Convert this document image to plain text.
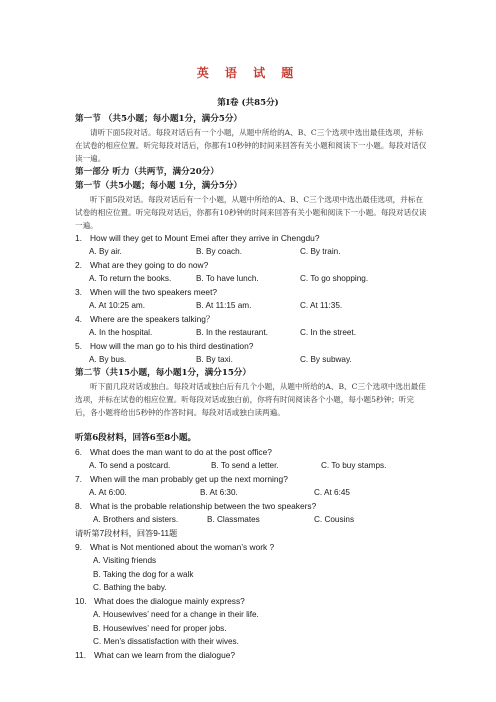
英 语 试 题
第Ⅰ卷 (共85分)
第一节 （共5小题；每小题1分，满分5分）
请听下面5段对话。每段对话后有一个小题，从题中所给的A、B、C三个选项中选出最佳选项，并标在试卷的相应位置。听完每段对话后，你都有10秒钟的时间来回答有关小题和阅读下一小题。每段对话仅读一遍。
第一部分 听力（共两节，满分20分）
第一节（共5小题；每小题 1分，满分5分）
听下面5段对话。每段对话后有一个小题，从题中所给的A、B、C三个选项中选出最佳选项，并标在试卷的相应位置。听完每段对话后，你都有10秒钟的时间来回答有关小题和阅读下一小题。每段对话仅读一遍。
1. How will they get to Mount Emei after they arrive in Chengdu?
A. By air.	B. By coach.	C. By train.
2. What are they going to do now?
A. To return the books.	B. To have lunch.	C. To go shopping.
3. When will the two speakers meet?
A. At 10:25 am.	B. At 11:15 am.	C. At 11:35.
4. Where are the speakers talking？
A. In the hospital.	B. In the restaurant.	C. In the street.
5. How will the man go to his third destination?
A. By bus.	B. By taxi.	C. By subway.
第二节（共15小题，每小题1分，满分15分）
听下面几段对话或独白。每段对话或独白后有几个小题，从题中所给的A、B、C三个选项中选出最佳选项，并标在试卷的相应位置。听每段对话或独白前，你将有时间阅读各个小题，每小题5秒钟；听完后，各小题将给出5秒钟的作答时间。每段对话或独白读两遍。
听第6段材料，回答6至8小题。
6. What does the man want to do at the post office?
A. To send a postcard.	B. To send a letter.	C. To buy stamps.
7. When will the man probably get up the next morning?
A. At 6:00.	B. At 6:30.	C. At 6:45
8. What is the probable relationship between the two speakers?
A. Brothers and sisters.	B. Classmates	C. Cousins
请听第7段材料，回答9-11题
9. What is Not mentioned about the woman’s work ?
A. Visiting friends
B. Taking the dog for a walk
C. Bathing the baby.
10. What does the dialogue mainly express?
A. Housewives’ need for a change in their life.
B. Housewives’ need for proper jobs.
C. Men’s dissatisfaction with their wives.
11. What can we learn from the dialogue?
